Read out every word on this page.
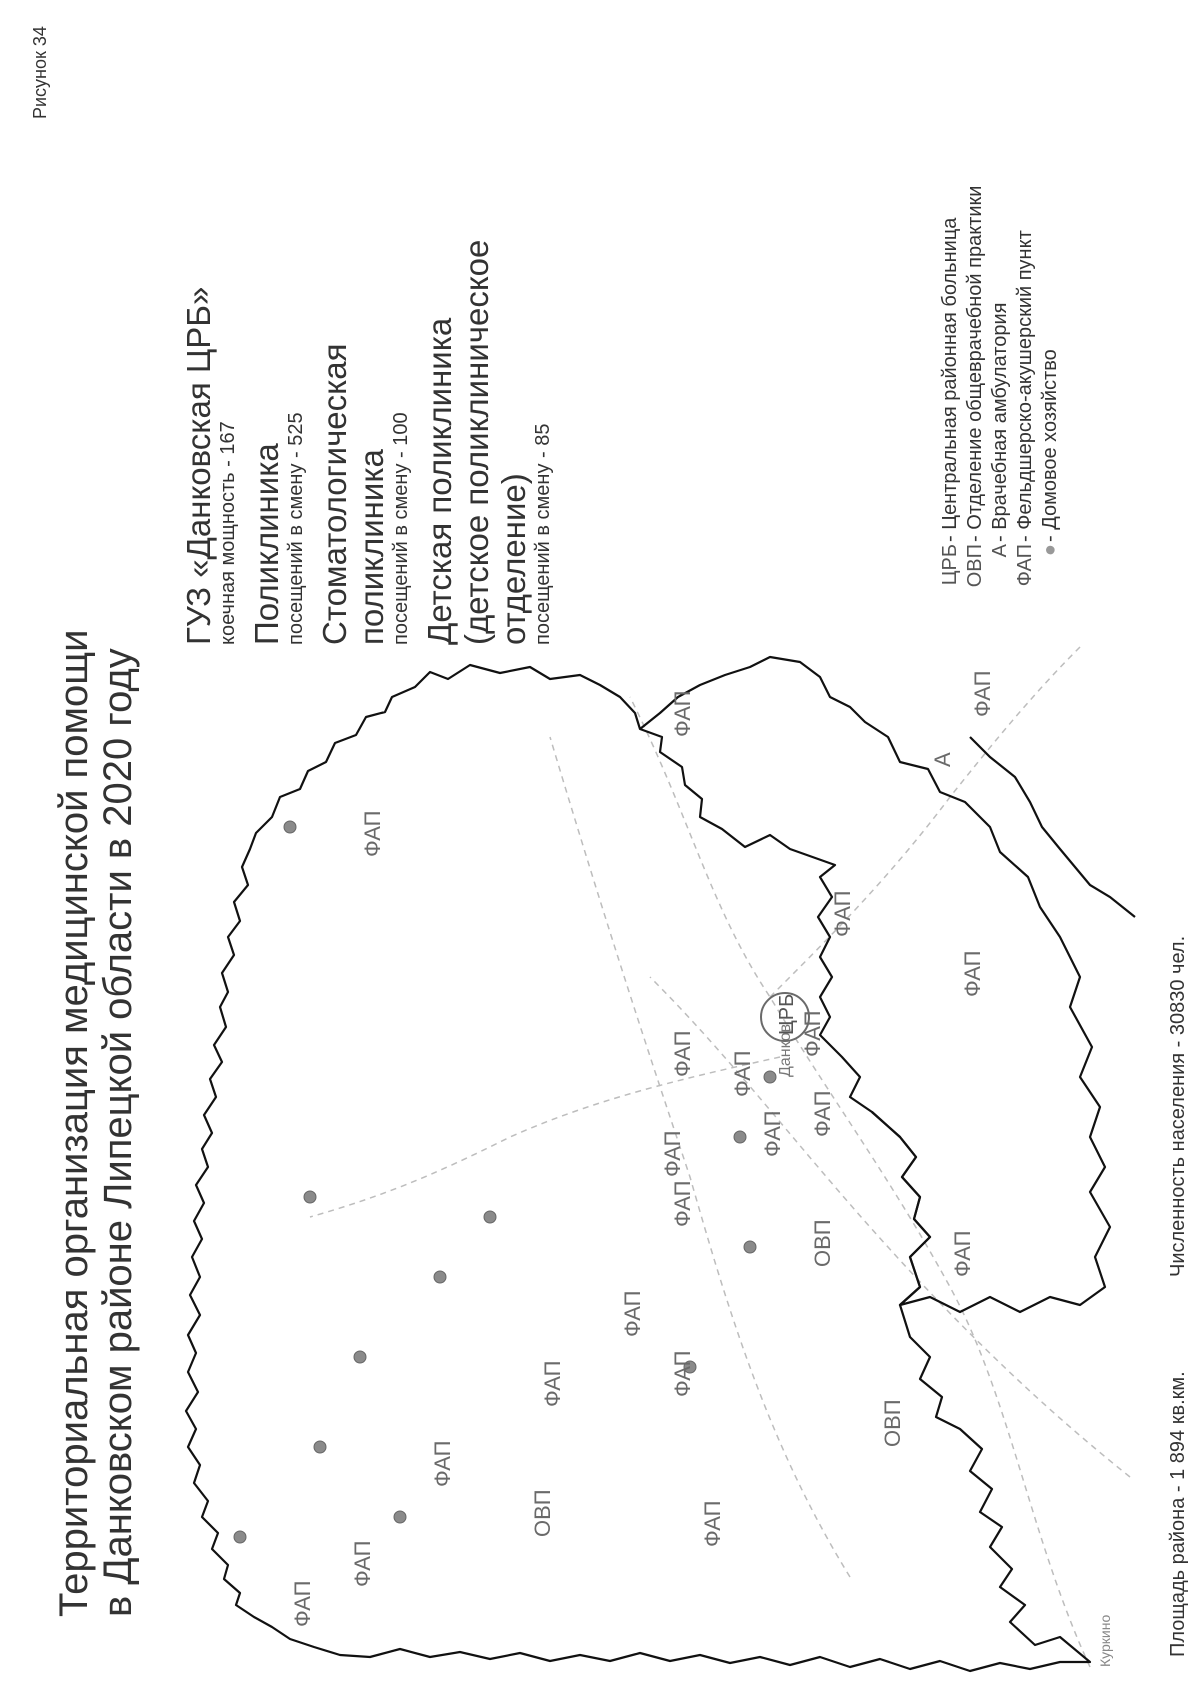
Рисунок 34
Территориальная организация медицинской помощи в Данковском районе Липецкой области в 2020 году
ГУЗ «Данковская ЦРБ» коечная мощность - 167 Поликлиника посещений в смену - 525 Стоматологическая поликлиника посещений в смену - 100 Детская поликлиника (детское поликлиническое отделение) посещений в смену - 85	ЦРБ- Центральная районная больница
ОВП- Отделение общеврачебной практики
А- Врачебная амбулатория
ФАП- Фельдшерско-акушерский пункт
●- Домовое хозяйство
Площадь района - 1 894 кв.км.
Численность населения - 30830 чел.
ФАП
ФАП
ФАП
ФАП
ФАП	ФАП
ФАП
ФАП
ФАП
ФАП	ФАП ФАП
ФАП
ФАП	ФАП
ФАП
ФАП
ФАП
ФАП
ФАП
ОВП
ОВП
ОВП
А
Данков
Куркино
ЦРБ
